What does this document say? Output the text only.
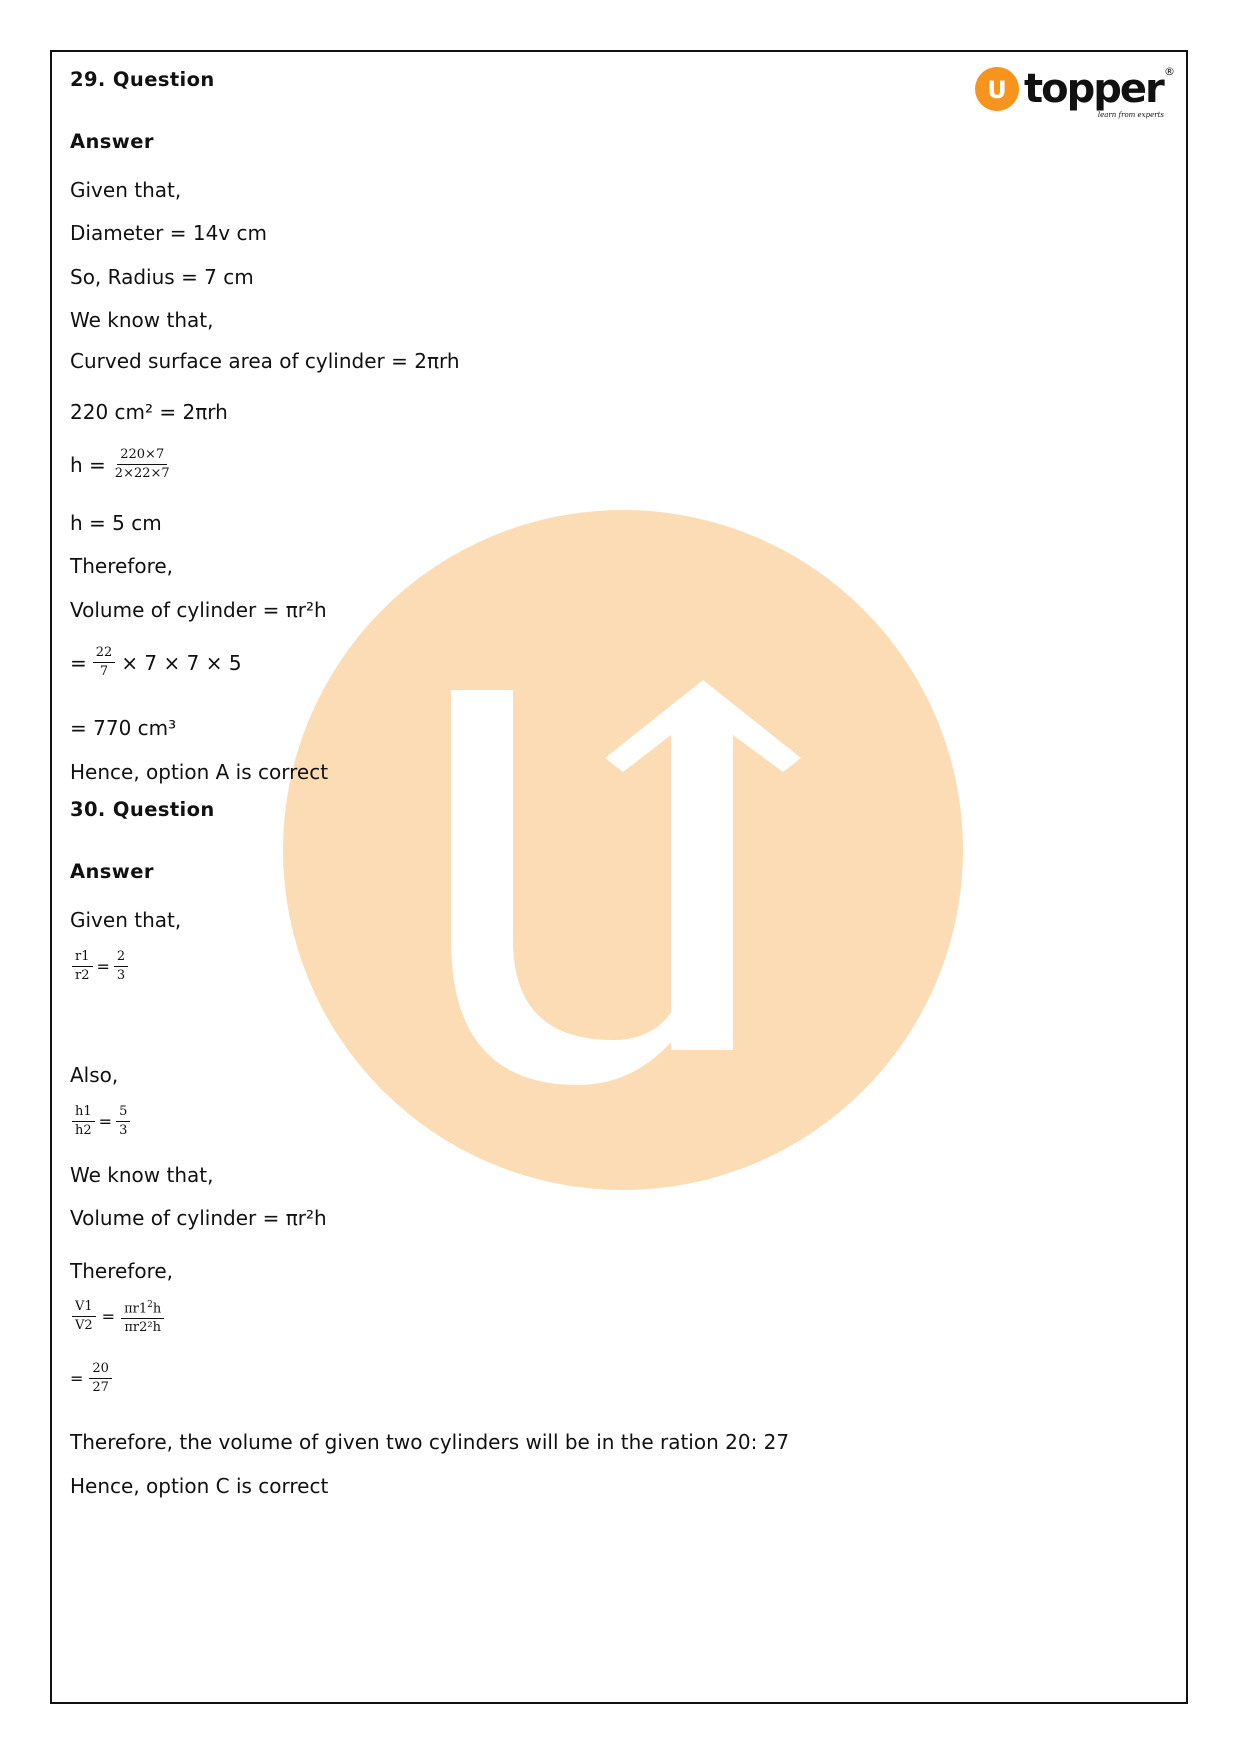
U topper ®
learn from experts
29. Question
Answer
Given that,
Diameter = 14v cm
So, Radius = 7 cm
We know that,
Curved surface area of cylinder = 2πrh
220 cm² = 2πrh
$h = \frac{220\times 7}{2\times 22\times 7}$
h = 5 cm
Therefore,
Volume of cylinder = πr²h
= $\frac{22}{7} \times 7 \times 7 \times 5$
= 770 cm³
Hence, option A is correct
30. Question
Answer
Given that,
$\frac{r1}{r2} = \frac{2}{3}$
Also,
$\frac{h1}{h2} = \frac{5}{3}$
We know that,
Volume of cylinder = πr²h
Therefore,
$\frac{V1}{V2} = \frac{\pi r1^2h}{\text{πr2²h}}$
= $\frac{20}{27}$
Therefore, the volume of given two cylinders will be in the ration 20: 27
Hence, option C is correct
